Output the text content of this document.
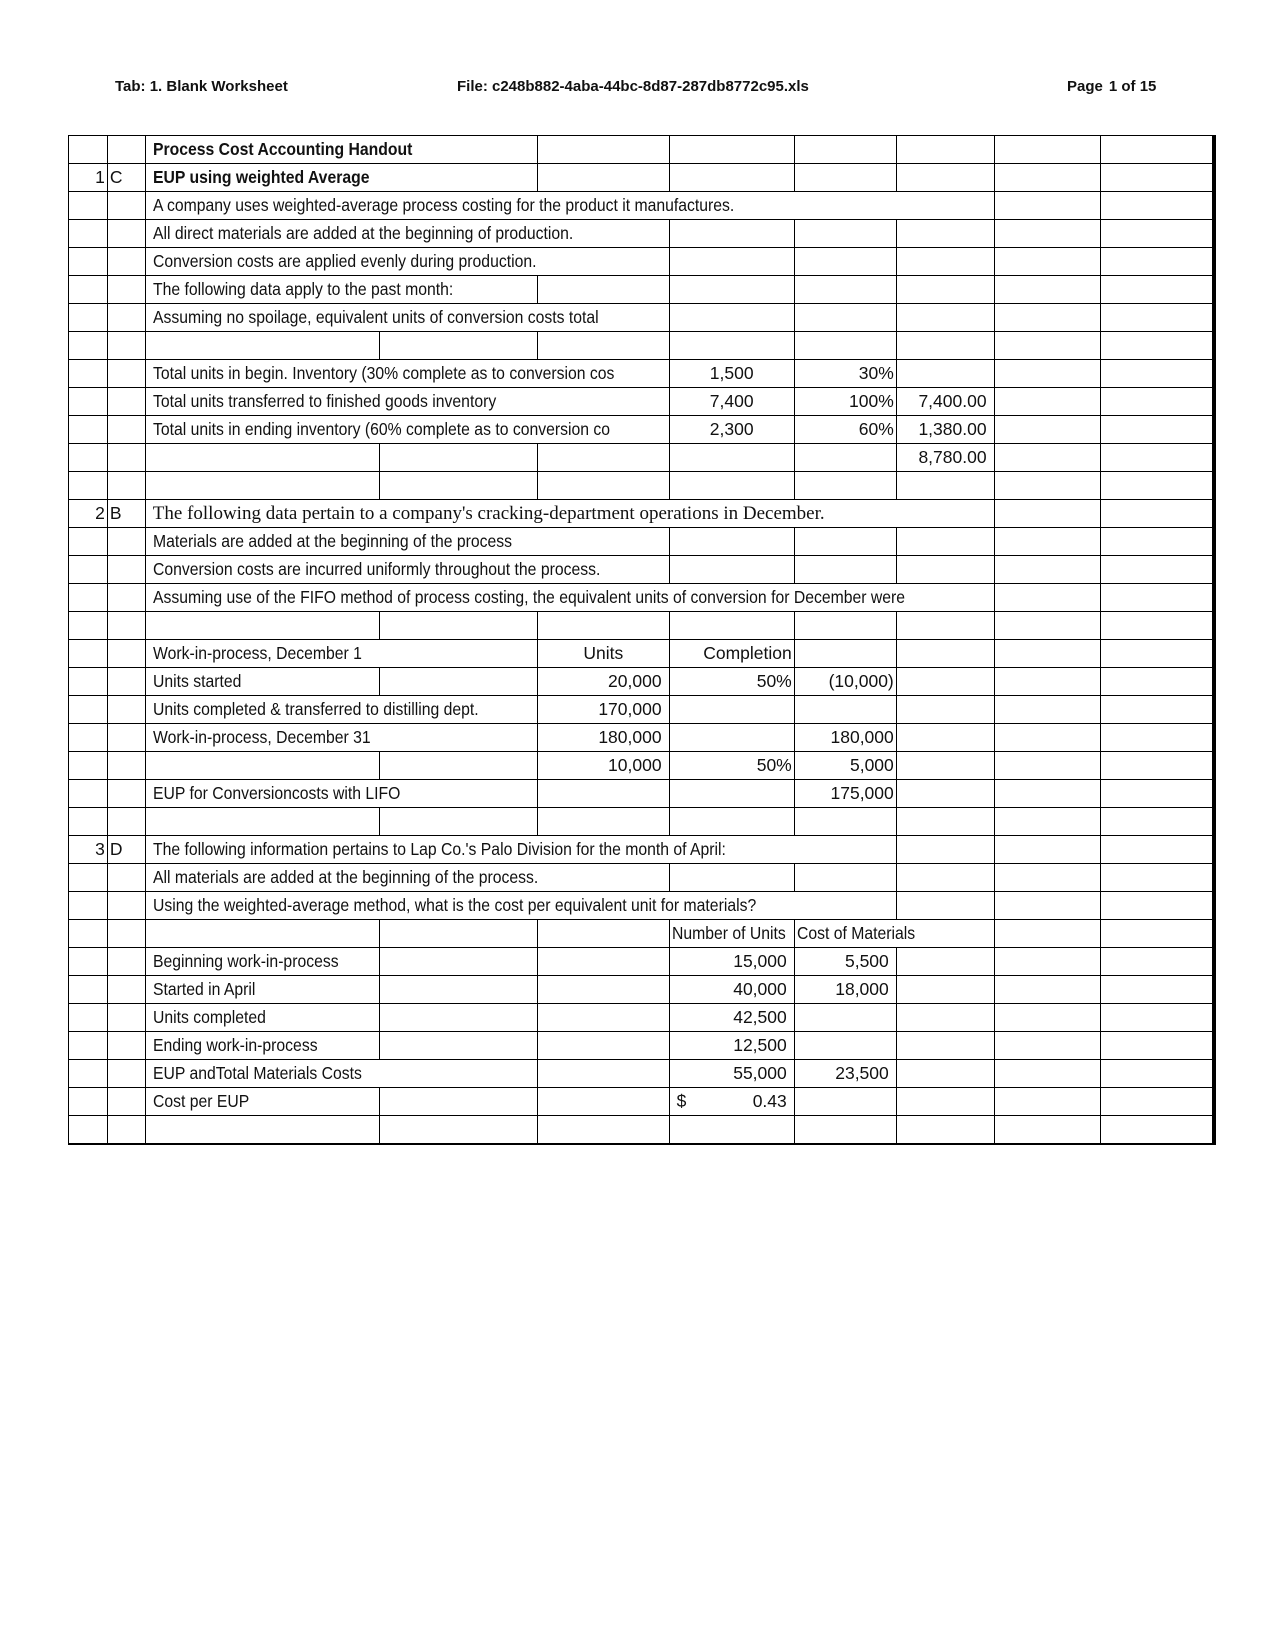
Tab: 1. Blank Worksheet	File: c248b882-4aba-44bc-8d87-287db8772c95.xls	Page 1 of 15
		Process Cost Accounting Handout							
1	C	EUP using weighted Average							
		A company uses weighted-average process costing for the product it manufactures.							
		All direct materials are added at the beginning of production.							
		Conversion costs are applied evenly during production.							
		The following data apply to the past month:							
		Assuming no spoilage, equivalent units of conversion costs total							

		Total units in begin. Inventory (30% complete as to conversion cos			1,500	30%			
		Total units transferred to finished goods inventory			7,400	100%	7,400.00		
		Total units in ending inventory (60% complete as to conversion co			2,300	60%	1,380.00		
							8,780.00		

2	B	The following data pertain to a company's cracking-department operations in December.							
		Materials are added at the beginning of the process							
		Conversion costs are incurred uniformly throughout the process.							
		Assuming use of the FIFO method of process costing, the equivalent units of conversion for December were							

		Work-in-process, December 1		Units	Completion				
		Units started		20,000	50%	(10,000)			
		Units completed & transferred to distilling dept.		170,000					
		Work-in-process, December 31		180,000		180,000			
				10,000	50%	5,000			
		EUP for Conversioncosts with LIFO				175,000			

3	D	The following information pertains to Lap Co.'s Palo Division for the month of April:							
		All materials are added at the beginning of the process.							
		Using the weighted-average method, what is the cost per equivalent unit for materials?							
					Number of Units	Cost of Materials			
		Beginning work-in-process			15,000	5,500			
		Started in April			40,000	18,000			
		Units completed			42,500				
		Ending work-in-process			12,500				
		EUP andTotal Materials Costs			55,000	23,500			
		Cost per EUP			$ 0.43				
